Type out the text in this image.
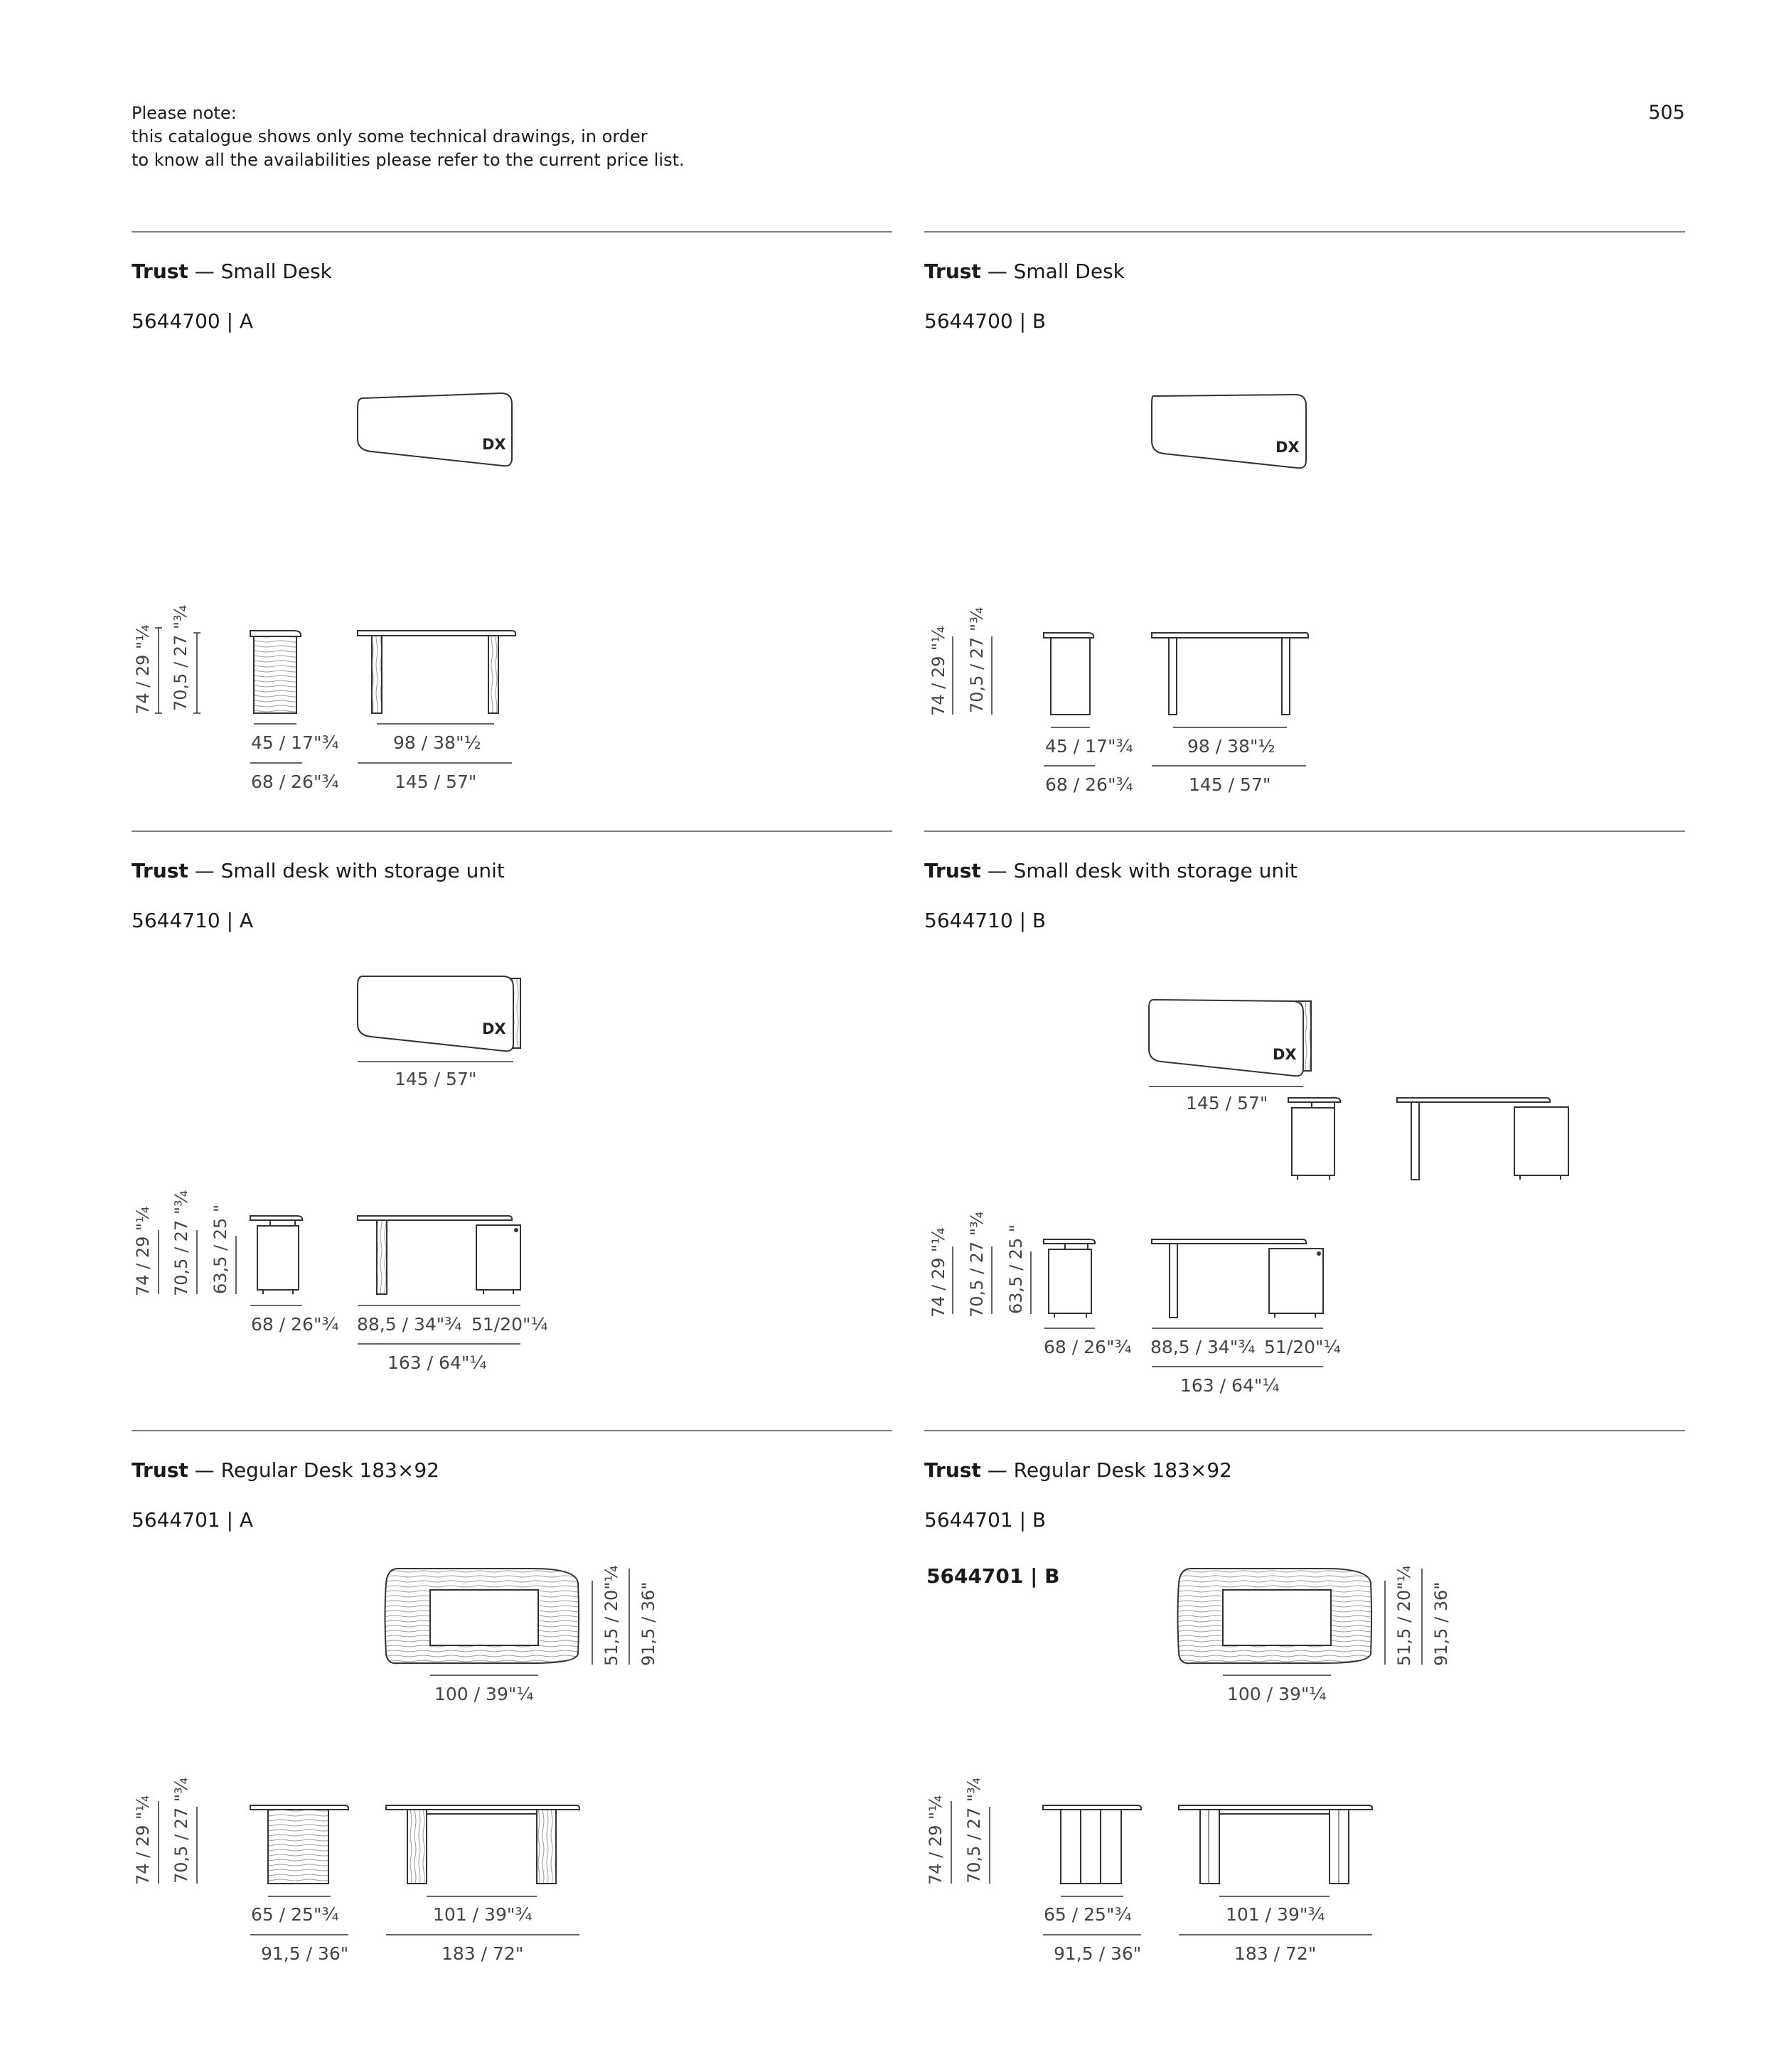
Please note:
this catalogue shows only some technical drawings, in order
to know all the availabilities please refer to the current price list.
505
Trust — Small Desk
5644700 | A
DX
74 / 29 "¼ 70,5 / 27 "¾
45 / 17"¾
68 / 26"¾
98 / 38"½
145 / 57"
Trust — Small Desk
5644700 | B
DX
74 / 29 "¼ 70,5 / 27 "¾
45 / 17"¾
68 / 26"¾
98 / 38"½
145 / 57"
Trust — Small desk with storage unit
5644710 | A
DX
145 / 57"
74 / 29 "¼ 70,5 / 27 "¾ 63,5 / 25 "
68 / 26"¾ 88,5 / 34"¾ 51/20"¼
163 / 64"¼
Trust — Small desk with storage unit
5644710 | B
DX
145 / 57"
74 / 29 "¼ 70,5 / 27 "¾ 63,5 / 25 "
68 / 26"¾ 88,5 / 34"¾ 51/20"¼
163 / 64"¼
Trust — Regular Desk 183×92
5644701 | A
51,5 / 20"¼ 91,5 / 36"
100 / 39"¼
74 / 29 "¼ 70,5 / 27 "¾
65 / 25"¾
91,5 / 36"
101 / 39"¾
183 / 72"
Trust — Regular Desk 183×92
5644701 | B
51,5 / 20"¼ 91,5 / 36"
100 / 39"¼
74 / 29 "¼ 70,5 / 27 "¾
65 / 25"¾
91,5 / 36"
101 / 39"¾
183 / 72"
5644701 | B
